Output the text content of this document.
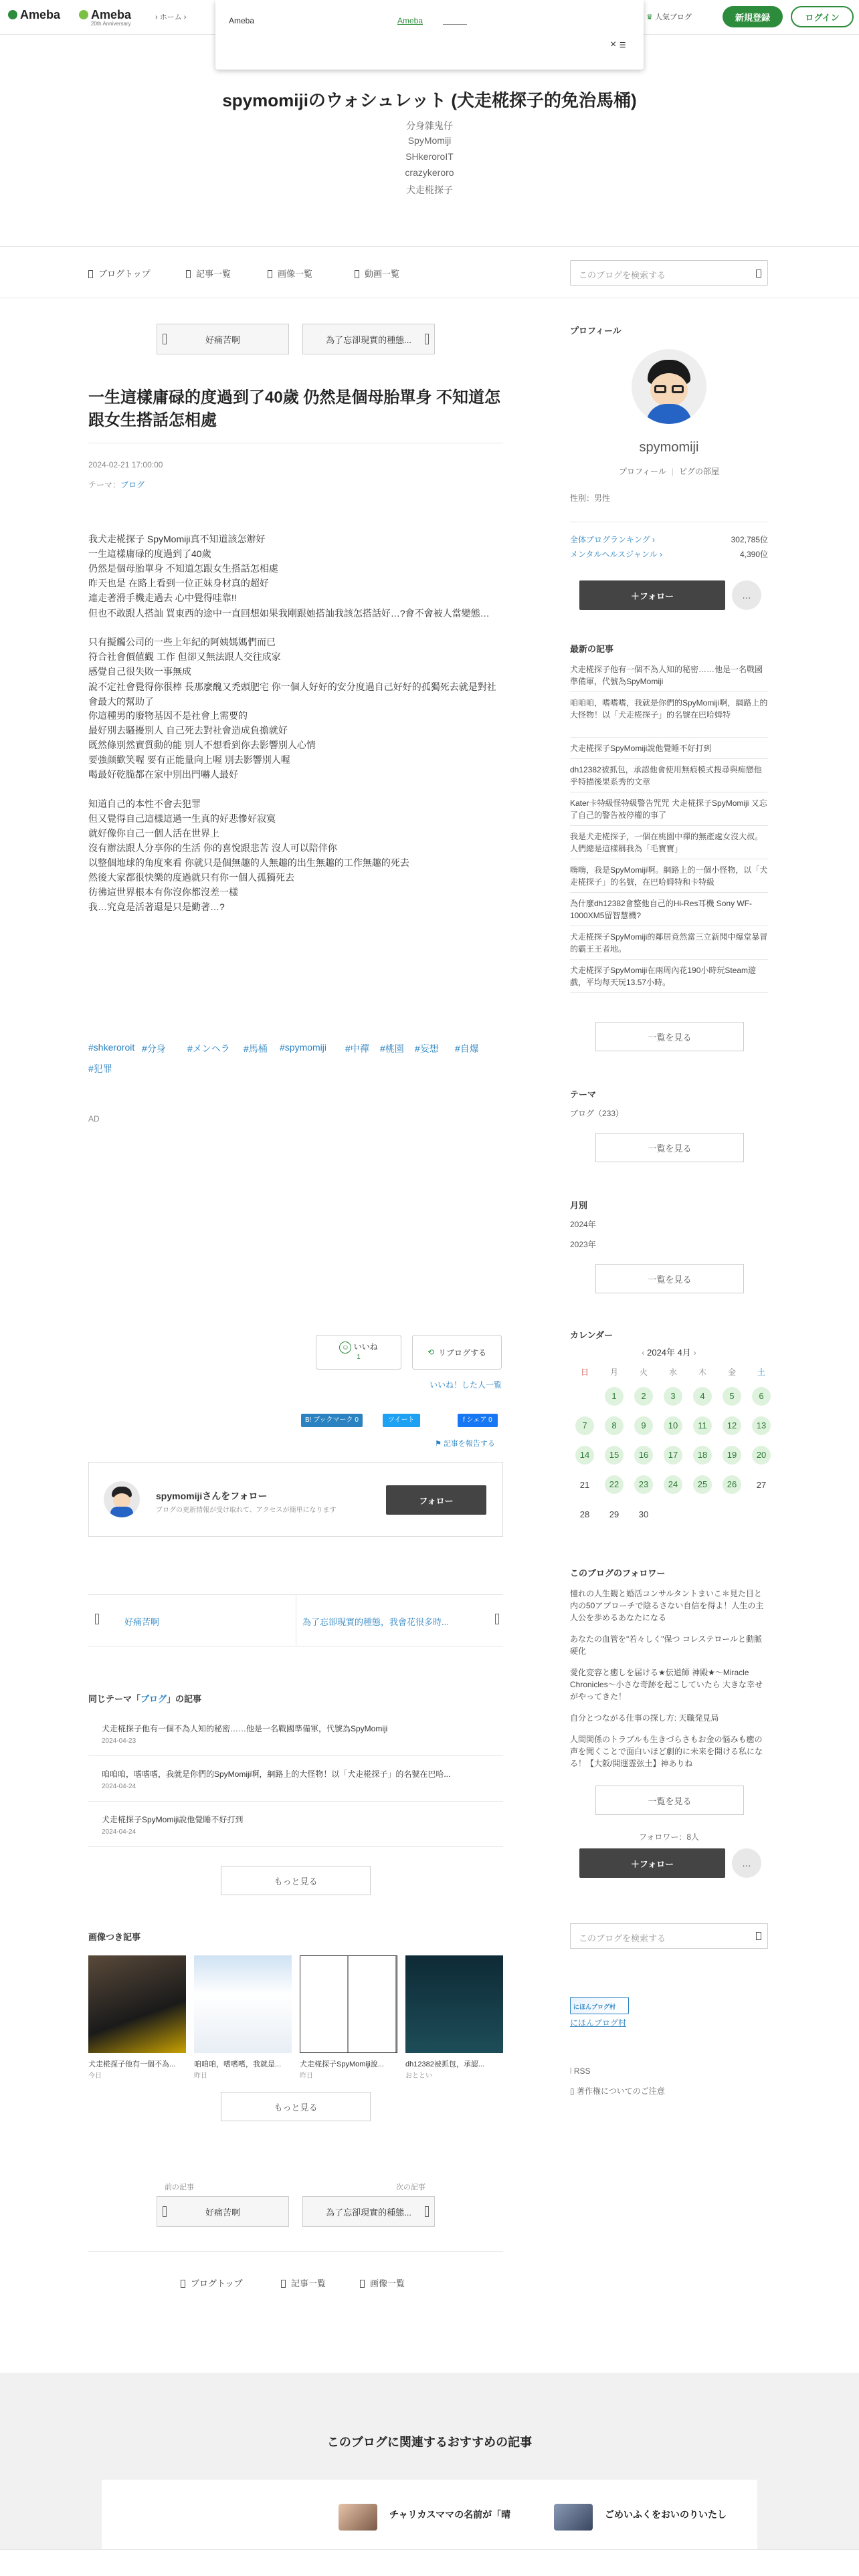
Ameba	Ameba
20th Anniversary
› ホーム ›	♛ 人気ブログ	新規登録	ログイン
Ameba	Ameba
× ☰
spymomijiのウォシュレット (犬走椛探子的免治馬桶)
分身雜鬼仔
SpyMomiji
SHkeroroIT
crazykeroro
犬走椛探子
ブログトップ	記事一覧	画像一覧	動画一覧	このブログを検索する
好痛苦啊	為了忘卻現實的種態...
一生這樣庸碌的度過到了40歲 仍然是個母胎單身 不知道怎跟女生搭話怎相處
2024-02-21 17:00:00
テーマ：ブログ
我犬走椛探子 SpyMomiji真不知道該怎辦好
一生這樣庸碌的度過到了40歲
仍然是個母胎單身 不知道怎跟女生搭話怎相處
昨天也是 在路上看到一位正妹身材真的超好
連走著滑手機走過去 心中覺得哇靠!!
但也不敢跟人搭訕 買東西的途中一直回想如果我剛跟她搭訕我該怎搭話好…?會不會被人當變態…
只有擬觸公司的一些上年紀的阿姨媽媽們而已
符合社會價値觀 工作 但卻又無法跟人交往成家
感覺自己很失敗一事無成
說不定社會覺得你很棒 長那麼醜又禿頭肥宅 你一個人好好的安分度過自己好好的孤獨死去就是對社會最大的幫助了
你這種男的廢物基因不是社會上需要的
最好別去騷擾別人 自己死去對社會造成負擔就好
既然條別然實質動的能 別人不想看到你去影響別人心情
要強颜歡笑喔 要有正能量向上喔 別去影響別人喔
喝最好乾脆都在家中別出門嚇人最好
知道自己的本性不會去犯罪
但又覺得自己這樣這過一生真的好悲慘好寂寞
就好像你自己一個人活在世界上
沒有辦法跟人分享你的生活 你的喜悅跟悲苦 沒人可以陪伴你
以整個地球的角度來看 你就只是個無趣的人無趣的出生無趣的工作無趣的死去
然後大家都很快樂的度過就只有你一個人孤獨死去
彷彿這世界根本有你沒你都沒差一樣
我…究竟是活著還是只是勤著…?
#shkeroroit #分身 #メンヘラ #馬桶 #spymomiji #中禪 #桃園 #妄想 #自爆
#犯罪
AD
☺ いいね
1
⟲ リブログする
いいね！した人一覧
B! ブックマーク 0	ツイート	f シェア 0
⚑ 記事を報告する
spymomijiさんをフォロー
ブログの更新情報が受け取れて、アクセスが簡単になります
フォロー
好痛苦啊	為了忘卻現實的種態，我會花很多時...
同じテーマ「ブログ」の記事
犬走椛探子他有一個不為人知的秘密……他是一名戰國準備軍，代號為SpyMomiji
2024-04-23
咱咱咱，嗜嗜嗜，我就是你們的SpyMomiji啊，網路上的大怪物！以「犬走椛探子」的名號在巴哈...
2024-04-24
犬走椛探子SpyMomiji說他覺睡不好打到
2024-04-24
もっと見る
画像つき記事

犬走椛探子他有一個不為...

今日

咱咱咱，嗜嗜嗜，我就是...

昨日

犬走椛探子SpyMomiji說...

昨日

dh12382被抓包，承認...

おととい
もっと見る
前の記事	次の記事
好痛苦啊	為了忘卻現實的種態...
ブログトップ	記事一覧	画像一覧
プロフィール
spymomiji
プロフィール | ピグの部屋
性別：男性
全体ブログランキング ›	302,785位
メンタルヘルスジャンル ›	4,390位
＋フォロー	…
最新の記事
犬走椛探子他有一個不為人知的秘密……他是一名戰國準備軍，代號為SpyMomiji
咱咱咱，嗜嗜嗜，我就是你們的SpyMomiji啊，網路上的大怪物！以「犬走椛探子」的名號在巴哈姆特
犬走椛探子SpyMomiji說他覺睡不好打到
dh12382被抓包，承認他會使用無痕模式搜尋與痴戀他乎特描後果系秀的文章
Kater卡特級怪特級警告咒咒 犬走椛探子SpyMomiji 又忘了自己的警告被停權的事了
我是犬走椛探子，一個在桃園中禪的無產處女沒大叔。人們總是這樣稱我為「毛寶寶」
嗨嗨，我是SpyMomiji啊。網路上的一個小怪物，以「犬走椛探子」的名號，在巴哈姆特和卡特級
為什麼dh12382會整他自己的Hi-Res耳機 Sony WF-1000XM5留智慧機?
犬走椛探子SpyMomiji的鄰居竟然當三立新聞中爆堂暴冒的霸王王者地。
犬走椛探子SpyMomiji在兩周內花190小時玩Steam遊戲，平均每天玩13.57小時。
一覧を見る
テーマ
ブログ（233）
一覧を見る
月別
2024年
2023年
一覧を見る
カレンダー
‹ 2024年 4月 ›
日	月	火	水	木	金	土
	1	2	3	4	5	6
7	8	9	10	11	12	13
14	15	16	17	18	19	20
21	22	23	24	25	26	27
28	29	30				
このブログのフォロワー
憧れの人生観と婚活コンサルタントまいこ＊見た目と内の50アプローチで陰るさない自信を得よ！人生の主人公を歩めるあなたになる
あなたの血管を"若々しく"保つ コレステロールと動脈硬化
愛化変容と癒しを届ける★伝道師 神殿★～Miracle Chronicles～小さな奇跡を起こしていたら 大きな幸せがやってきた！
自分とつながる仕事の探し方: 天職発見局
人間関係のトラブルも生きづらさもお金の悩みも癒の声を聞くことで面白いほど劇的に未来を開ける私になる！【大阪/開運霊弦土】神ありね
一覧を見る
フォロワー：8人
＋フォロー	…
このブログを検索する
にほんブログ村
にほんブログ村
⦚ RSS
▯ 著作権についてのご注意
このブログに関連するおすすめの記事
チャリカスママの名前が「晴	ごめいふくをおいのりいたし
